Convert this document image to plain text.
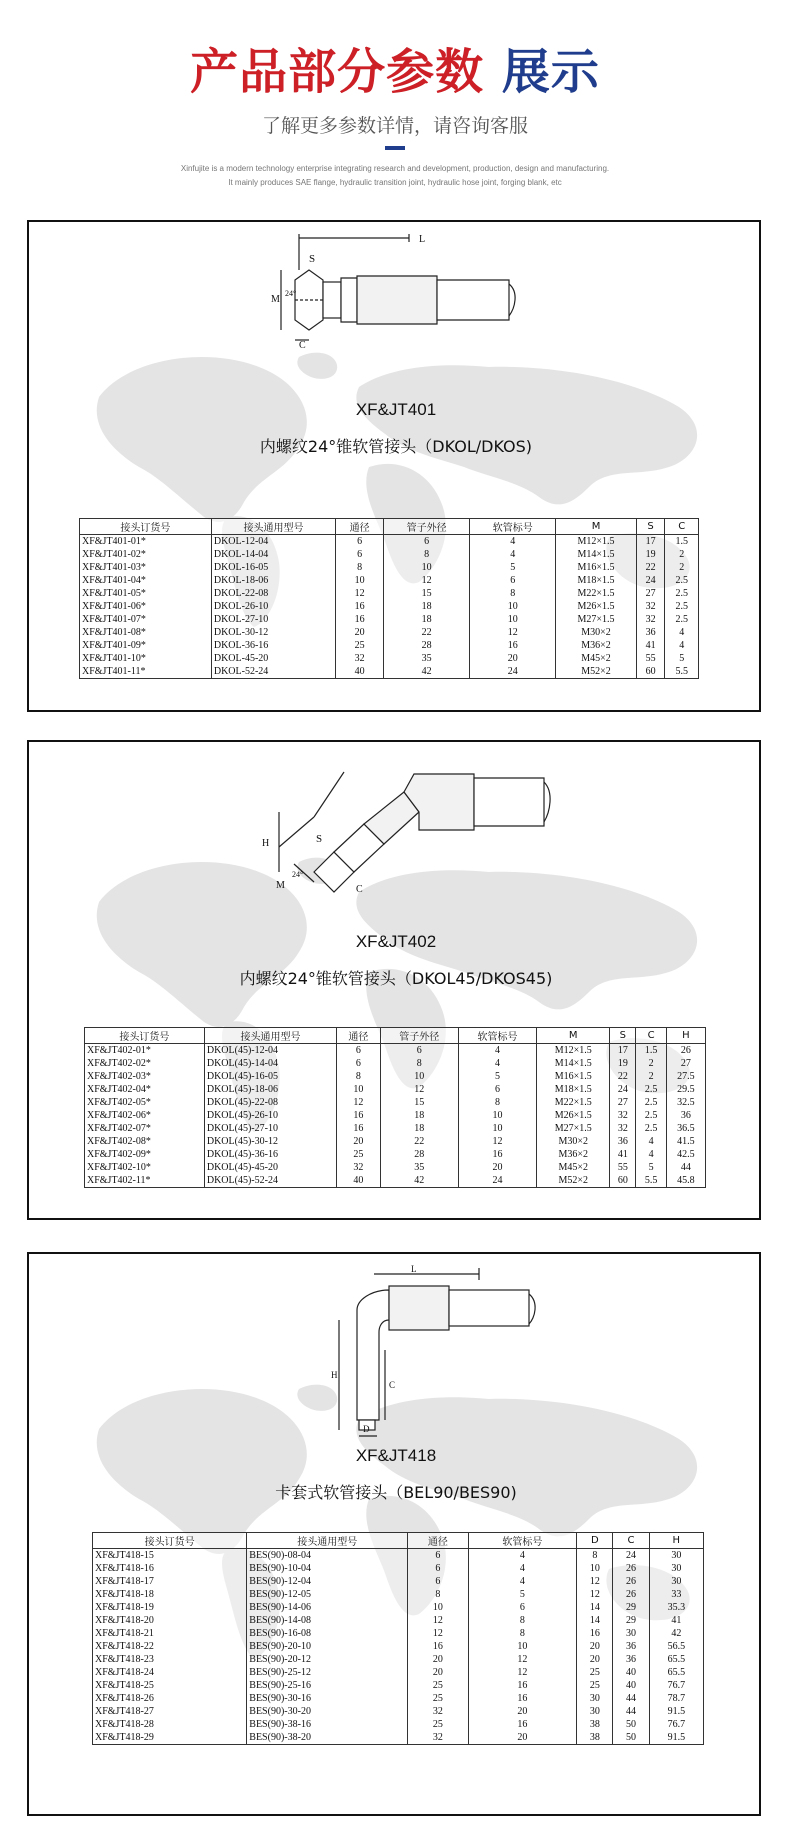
产品部分参数 展示
了解更多参数详情，请咨询客服
Xinfujite is a modern technology enterprise integrating research and development, production, design and manufacturing.
It mainly produces SAE flange, hydraulic transition joint, hydraulic hose joint, forging blank, etc
L
S
M
24°
C
XF&JT401
内螺纹24°锥软管接头（DKOL/DKOS)
接头订货号	接头通用型号	通径	管子外径	软管标号	M	S	C
XF&JT401-01*	DKOL-12-04	6	6	4	M12×1.5	17	1.5
XF&JT401-02*	DKOL-14-04	6	8	4	M14×1.5	19	2
XF&JT401-03*	DKOL-16-05	8	10	5	M16×1.5	22	2
XF&JT401-04*	DKOL-18-06	10	12	6	M18×1.5	24	2.5
XF&JT401-05*	DKOL-22-08	12	15	8	M22×1.5	27	2.5
XF&JT401-06*	DKOL-26-10	16	18	10	M26×1.5	32	2.5
XF&JT401-07*	DKOL-27-10	16	18	10	M27×1.5	32	2.5
XF&JT401-08*	DKOL-30-12	20	22	12	M30×2	36	4
XF&JT401-09*	DKOL-36-16	25	28	16	M36×2	41	4
XF&JT401-10*	DKOL-45-20	32	35	20	M45×2	55	5
XF&JT401-11*	DKOL-52-24	40	42	24	M52×2	60	5.5
H	S
M
24°
C
XF&JT402
内螺纹24°锥软管接头（DKOL45/DKOS45)
接头订货号	接头通用型号	通径	管子外径	软管标号	M	S	C	H
XF&JT402-01*	DKOL(45)-12-04	6	6	4	M12×1.5	17	1.5	26
XF&JT402-02*	DKOL(45)-14-04	6	8	4	M14×1.5	19	2	27
XF&JT402-03*	DKOL(45)-16-05	8	10	5	M16×1.5	22	2	27.5
XF&JT402-04*	DKOL(45)-18-06	10	12	6	M18×1.5	24	2.5	29.5
XF&JT402-05*	DKOL(45)-22-08	12	15	8	M22×1.5	27	2.5	32.5
XF&JT402-06*	DKOL(45)-26-10	16	18	10	M26×1.5	32	2.5	36
XF&JT402-07*	DKOL(45)-27-10	16	18	10	M27×1.5	32	2.5	36.5
XF&JT402-08*	DKOL(45)-30-12	20	22	12	M30×2	36	4	41.5
XF&JT402-09*	DKOL(45)-36-16	25	28	16	M36×2	41	4	42.5
XF&JT402-10*	DKOL(45)-45-20	32	35	20	M45×2	55	5	44
XF&JT402-11*	DKOL(45)-52-24	40	42	24	M52×2	60	5.5	45.8
L
H
C
D
XF&JT418
卡套式软管接头（BEL90/BES90)
接头订货号	接头通用型号	通径	软管标号	D	C	H
XF&JT418-15	BES(90)-08-04	6	4	8	24	30
XF&JT418-16	BES(90)-10-04	6	4	10	26	30
XF&JT418-17	BES(90)-12-04	6	4	12	26	30
XF&JT418-18	BES(90)-12-05	8	5	12	26	33
XF&JT418-19	BES(90)-14-06	10	6	14	29	35.3
XF&JT418-20	BES(90)-14-08	12	8	14	29	41
XF&JT418-21	BES(90)-16-08	12	8	16	30	42
XF&JT418-22	BES(90)-20-10	16	10	20	36	56.5
XF&JT418-23	BES(90)-20-12	20	12	20	36	65.5
XF&JT418-24	BES(90)-25-12	20	12	25	40	65.5
XF&JT418-25	BES(90)-25-16	25	16	25	40	76.7
XF&JT418-26	BES(90)-30-16	25	16	30	44	78.7
XF&JT418-27	BES(90)-30-20	32	20	30	44	91.5
XF&JT418-28	BES(90)-38-16	25	16	38	50	76.7
XF&JT418-29	BES(90)-38-20	32	20	38	50	91.5
